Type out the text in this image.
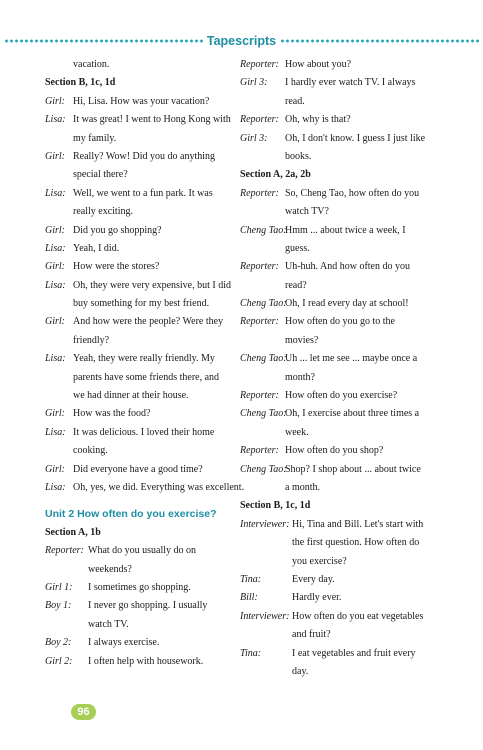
Tapescripts
vacation.
Section B, 1c, 1d
Girl: Hi, Lisa. How was your vacation?
Lisa: It was great! I went to Hong Kong with
my family.
Girl: Really? Wow! Did you do anything
special there?
Lisa: Well, we went to a fun park. It was
really exciting.
Girl: Did you go shopping?
Lisa: Yeah, I did.
Girl: How were the stores?
Lisa: Oh, they were very expensive, but I did
buy something for my best friend.
Girl: And how were the people? Were they
friendly?
Lisa: Yeah, they were really friendly. My
parents have some friends there, and
we had dinner at their house.
Girl: How was the food?
Lisa: It was delicious. I loved their home
cooking.
Girl: Did everyone have a good time?
Lisa: Oh, yes, we did. Everything was excellent.
Unit 2 How often do you exercise?
Section A, 1b
Reporter: What do you usually do on
weekends?
Girl 1: I sometimes go shopping.
Boy 1: I never go shopping. I usually
watch TV.
Boy 2: I always exercise.
Girl 2: I often help with housework.
Reporter: How about you?
Girl 3: I hardly ever watch TV. I always
read.
Reporter: Oh, why is that?
Girl 3: Oh, I don't know. I guess I just like
books.
Section A, 2a, 2b
Reporter: So, Cheng Tao, how often do you
watch TV?
Cheng Tao:
Hmm ... about twice a week, I
guess.
Reporter: Uh-huh. And how often do you
read?
Cheng Tao:
Oh, I read every day at school!
Reporter: How often do you go to the
movies?
Cheng Tao:
Uh ... let me see ... maybe once a
month?
Reporter: How often do you exercise?
Cheng Tao:
Oh, I exercise about three times a
week.
Reporter: How often do you shop?
Cheng Tao:
Shop? I shop about ... about twice
a month.
Section B, 1c, 1d
Interviewer: Hi, Tina and Bill. Let's start with
the first question. How often do
you exercise?
Tina:	Every day.
Bill:	Hardly ever.
Interviewer: How often do you eat vegetables
and fruit?
Tina:	I eat vegetables and fruit every
day.
96
